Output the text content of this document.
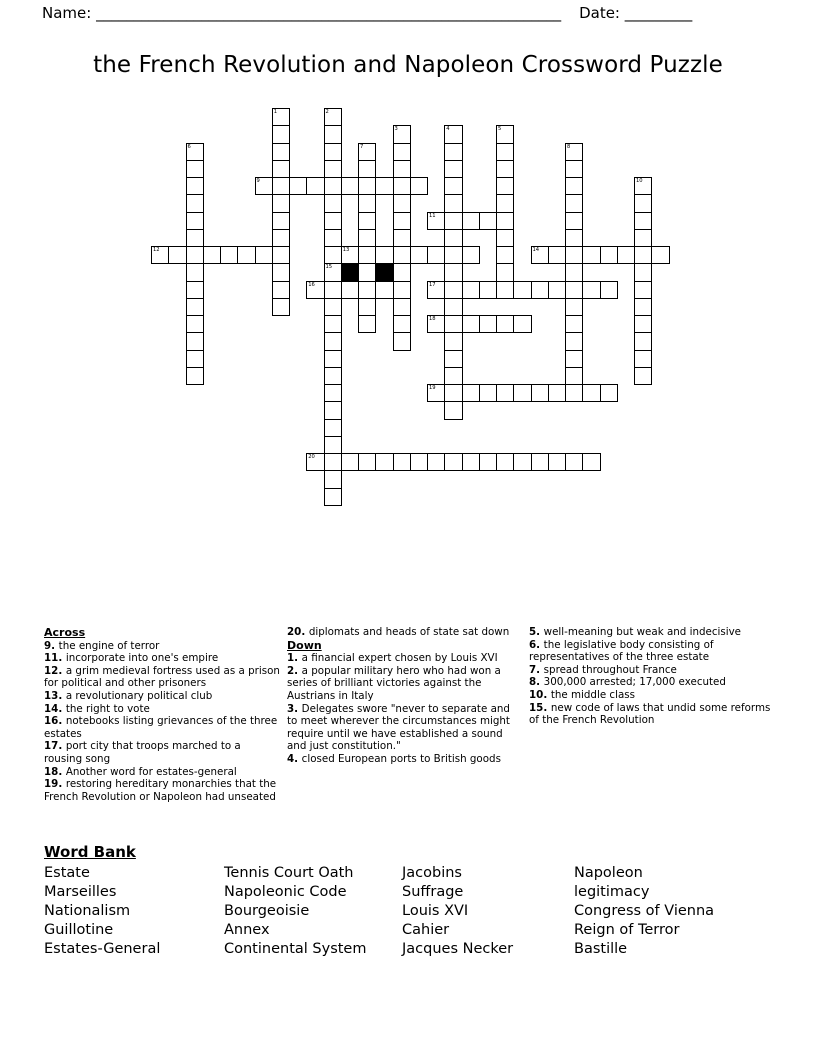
Name: ______________________________________________________________ Date: _________
the French Revolution and Napoleon Crossword Puzzle
1	2
15
3	4	5
6	7	8
9	10
11
12	13	14
16	17
18
19
20
Across
9. the engine of terror
11. incorporate into one's empire
12. a grim medieval fortress used as a prison for political and other prisoners
13. a revolutionary political club
14. the right to vote
16. notebooks listing grievances of the three estates
17. port city that troops marched to a rousing song
18. Another word for estates-general
19. restoring hereditary monarchies that the French Revolution or Napoleon had unseated
20. diplomats and heads of state sat down
Down
1. a financial expert chosen by Louis XVI
2. a popular military hero who had won a series of brilliant victories against the Austrians in Italy
3. Delegates swore "never to separate and to meet wherever the circumstances might require until we have established a sound and just constitution."
4. closed European ports to British goods
5. well-meaning but weak and indecisive
6. the legislative body consisting of representatives of the three estate
7. spread throughout France
8. 300,000 arrested; 17,000 executed
10. the middle class
15. new code of laws that undid some reforms of the French Revolution
Word Bank
Estate	Tennis Court Oath	Jacobins	Napoleon
Marseilles	Napoleonic Code	Suffrage	legitimacy
Nationalism	Bourgeoisie	Louis XVI	Congress of Vienna
Guillotine	Annex	Cahier	Reign of Terror
Estates-General	Continental System	Jacques Necker	Bastille
